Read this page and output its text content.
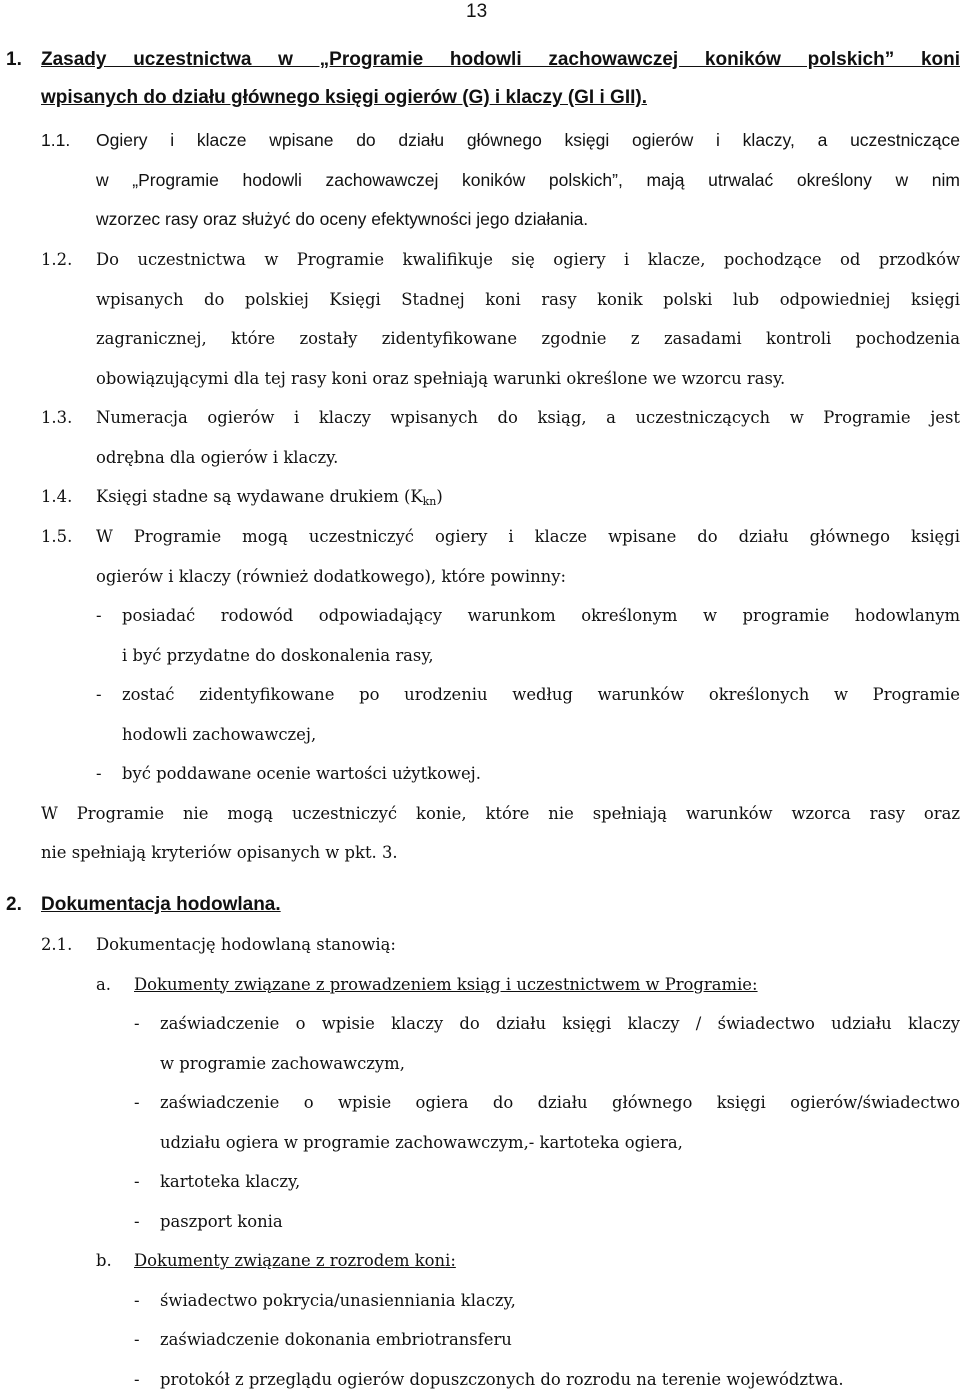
13
1. Zasady uczestnictwa w „Programie hodowli zachowawczej koników polskich” koni
wpisanych do działu głównego księgi ogierów (G) i klaczy (GI i GII).
1.1. Ogiery i klacze wpisane do działu głównego księgi ogierów i klaczy, a uczestniczące
w „Programie hodowli zachowawczej koników polskich”, mają utrwalać określony w nim
wzorzec rasy oraz służyć do oceny efektywności jego działania.
1.2. Do uczestnictwa w Programie kwalifikuje się ogiery i klacze, pochodzące od przodków
wpisanych do polskiej Księgi Stadnej koni rasy konik polski lub odpowiedniej księgi
zagranicznej, które zostały zidentyfikowane zgodnie z zasadami kontroli pochodzenia
obowiązującymi dla tej rasy koni oraz spełniają warunki określone we wzorcu rasy.
1.3. Numeracja ogierów i klaczy wpisanych do ksiąg, a uczestniczących w Programie jest
odrębna dla ogierów i klaczy.
1.4. Księgi stadne są wydawane drukiem $(K_{kn})$
1.5. W Programie mogą uczestniczyć ogiery i klacze wpisane do działu głównego księgi
ogierów i klaczy (również dodatkowego), które powinny:
- posiadać rodowód odpowiadający warunkom określonym w programie hodowlanym
i być przydatne do doskonalenia rasy,
- zostać zidentyfikowane po urodzeniu według warunków określonych w Programie
hodowli zachowawczej,
- być poddawane ocenie wartości użytkowej.
W Programie nie mogą uczestniczyć konie, które nie spełniają warunków wzorca rasy oraz
nie spełniają kryteriów opisanych w pkt. 3.
2. Dokumentacja hodowlana.
2.1. Dokumentację hodowlaną stanowią:
a. Dokumenty związane z prowadzeniem ksiąg i uczestnictwem w Programie:
- zaświadczenie o wpisie klaczy do działu księgi klaczy / świadectwo udziału klaczy
w programie zachowawczym,
- zaświadczenie o wpisie ogiera do działu głównego księgi ogierów/świadectwo
udziału ogiera w programie zachowawczym,- kartoteka ogiera,
- kartoteka klaczy,
- paszport konia
b. Dokumenty związane z rozrodem koni:
- świadectwo pokrycia/unasienniania klaczy,
- zaświadczenie dokonania embriotransferu
- protokół z przeglądu ogierów dopuszczonych do rozrodu na terenie województwa.
